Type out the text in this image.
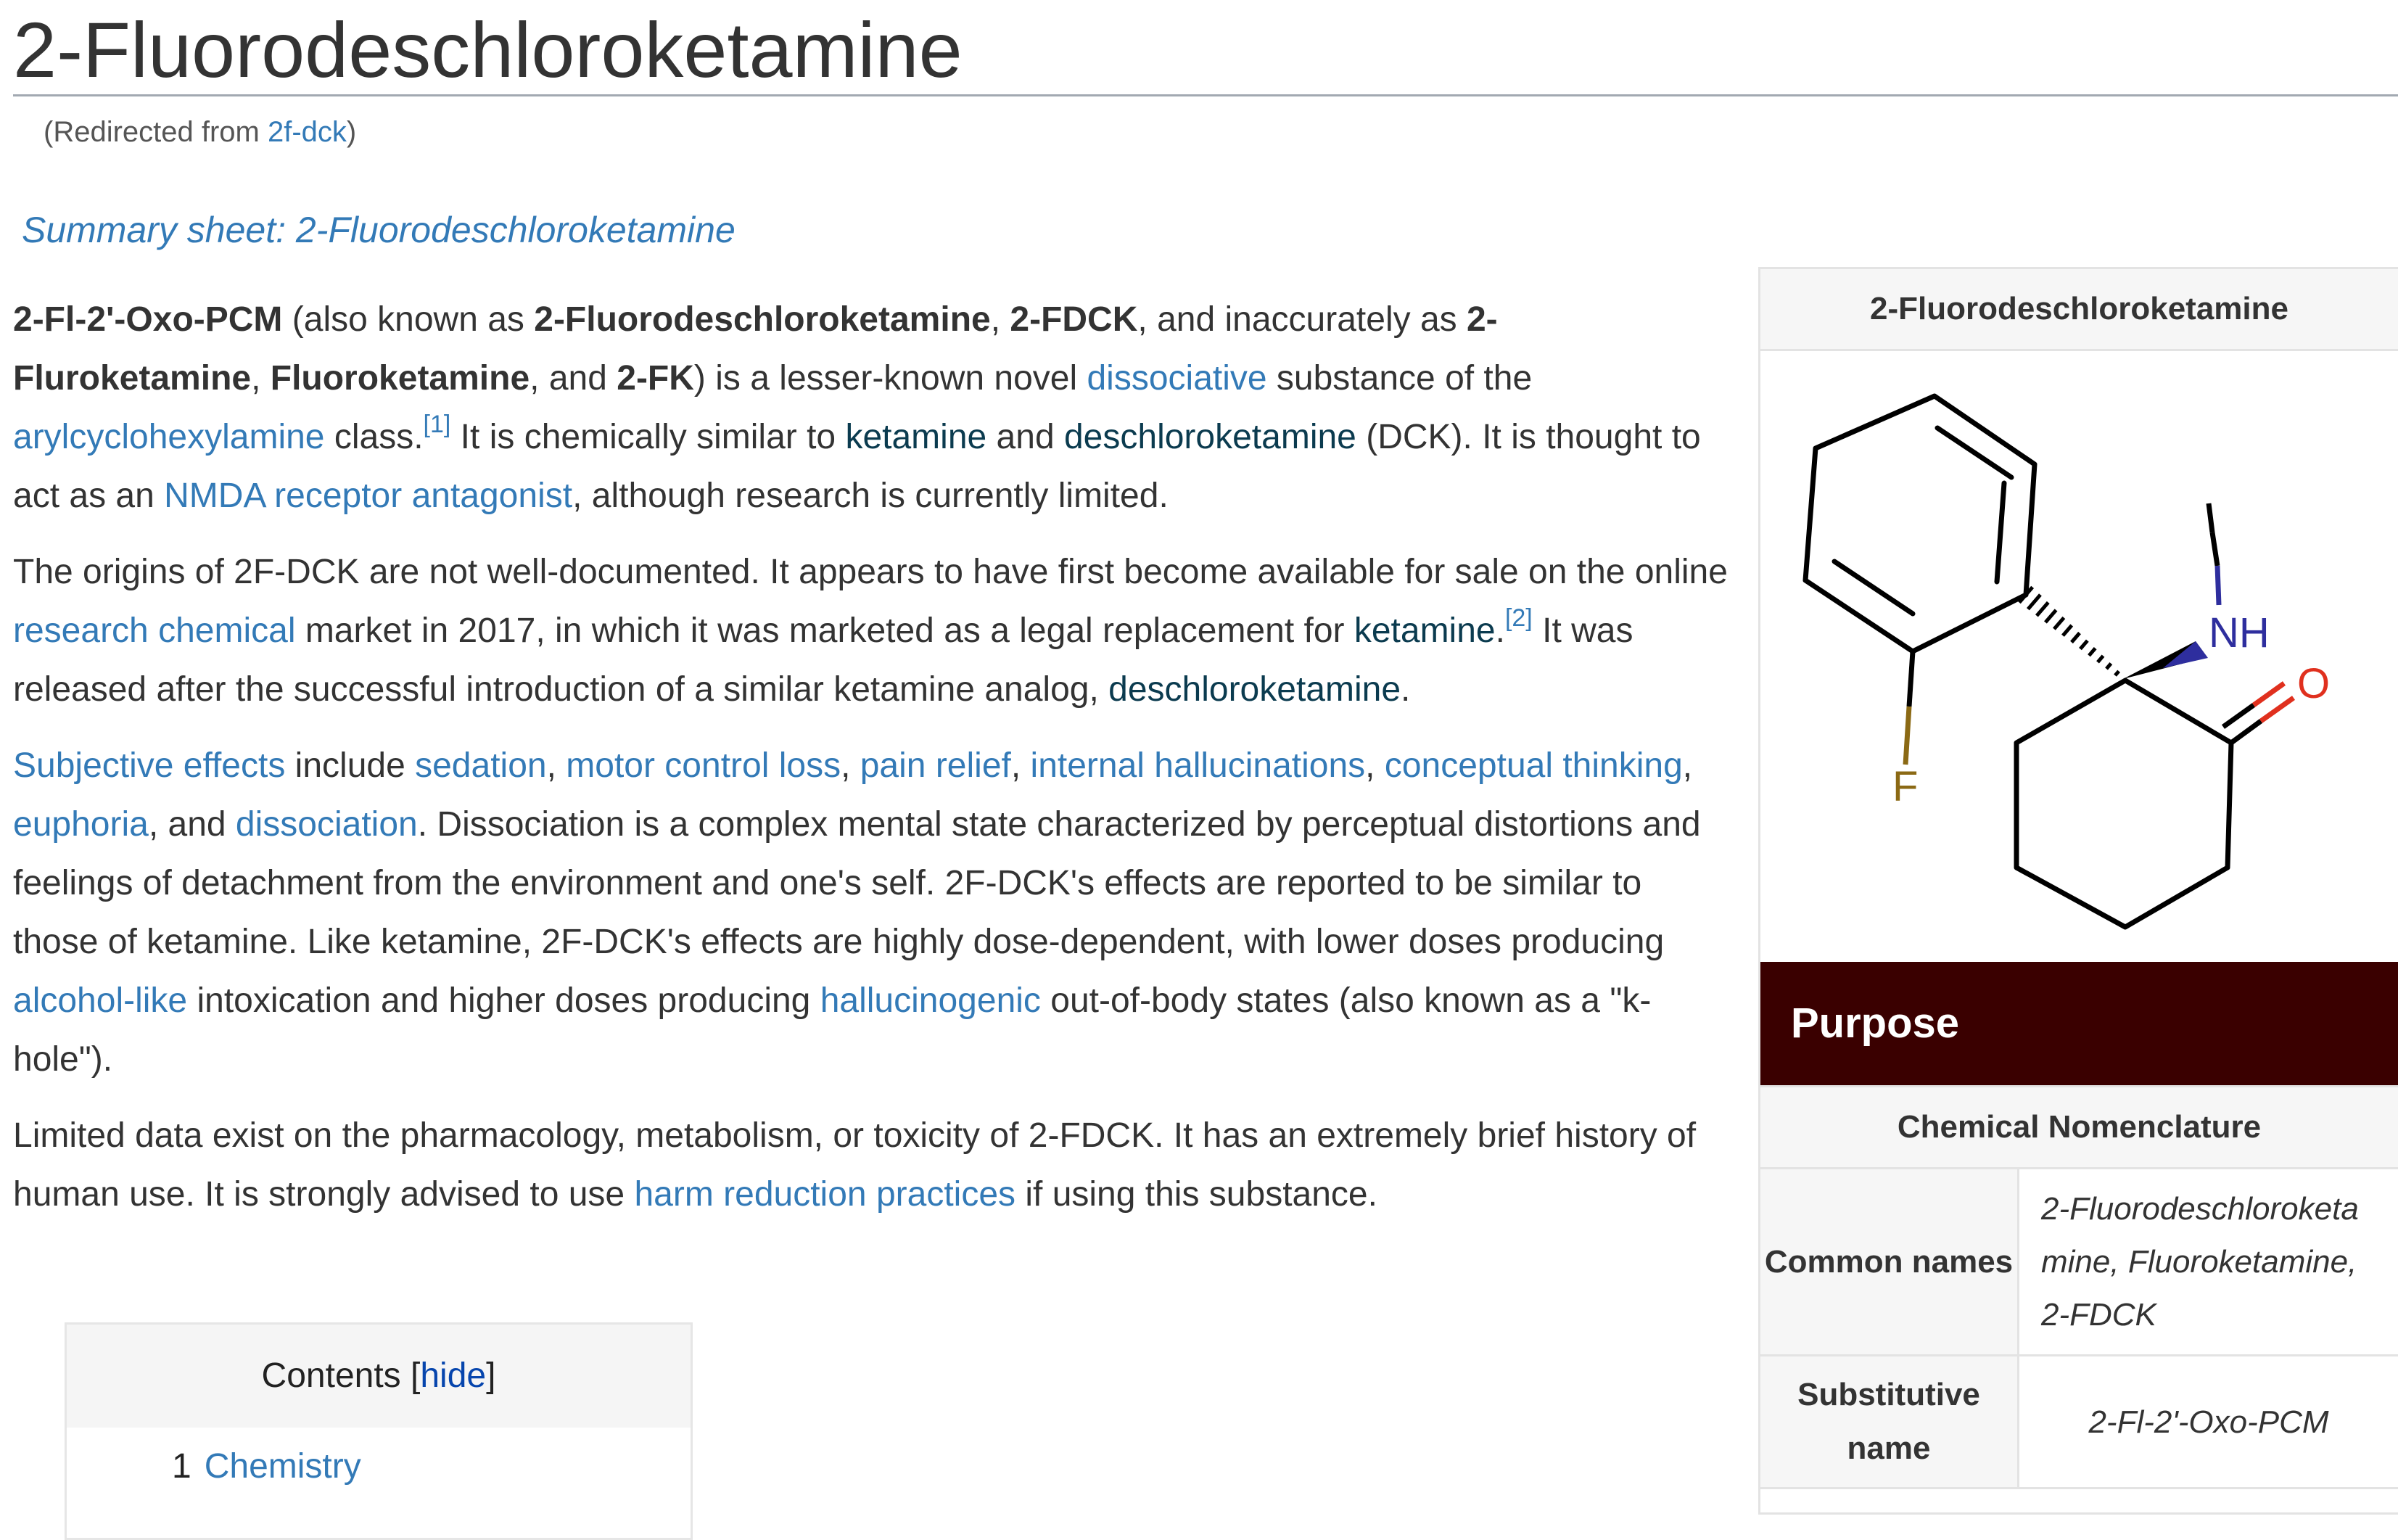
2-Fluorodeschloroketamine
(Redirected from 2f-dck)
Summary sheet: 2-Fluorodeschloroketamine

2-Fl-2'-Oxo-PCM (also known as 2-Fluorodeschloroketamine, 2-FDCK, and inaccurately as 2-Fluroketamine, Fluoroketamine, and 2-FK) is a lesser-known novel dissociative substance of the arylcyclohexylamine class.[1] It is chemically similar to ketamine and deschloroketamine (DCK). It is thought to act as an NMDA receptor antagonist, although research is currently limited.

The origins of 2F-DCK are not well-documented. It appears to have first become available for sale on the online research chemical market in 2017, in which it was marketed as a legal replacement for ketamine.[2] It was released after the successful introduction of a similar ketamine analog, deschloroketamine.

Subjective effects include sedation, motor control loss, pain relief, internal hallucinations, conceptual thinking, euphoria, and dissociation. Dissociation is a complex mental state characterized by perceptual distortions and feelings of detachment from the environment and one's self. 2F-DCK's effects are reported to be similar to those of ketamine. Like ketamine, 2F-DCK's effects are highly dose-dependent, with lower doses producing alcohol-like intoxication and higher doses producing hallucinogenic out-of-body states (also known as a "k-hole").

Limited data exist on the pharmacology, metabolism, or toxicity of 2-FDCK. It has an extremely brief history of human use. It is strongly advised to use harm reduction practices if using this substance.

Contents [hide]
1 Chemistry
2-Fluorodeschloroketamine
NH
O
F
Purpose
Chemical Nomenclature
Common names
2-Fluorodeschloroketamine, Fluoroketamine, 2-FDCK
Substitutive name
2-Fl-2'-Oxo-PCM
